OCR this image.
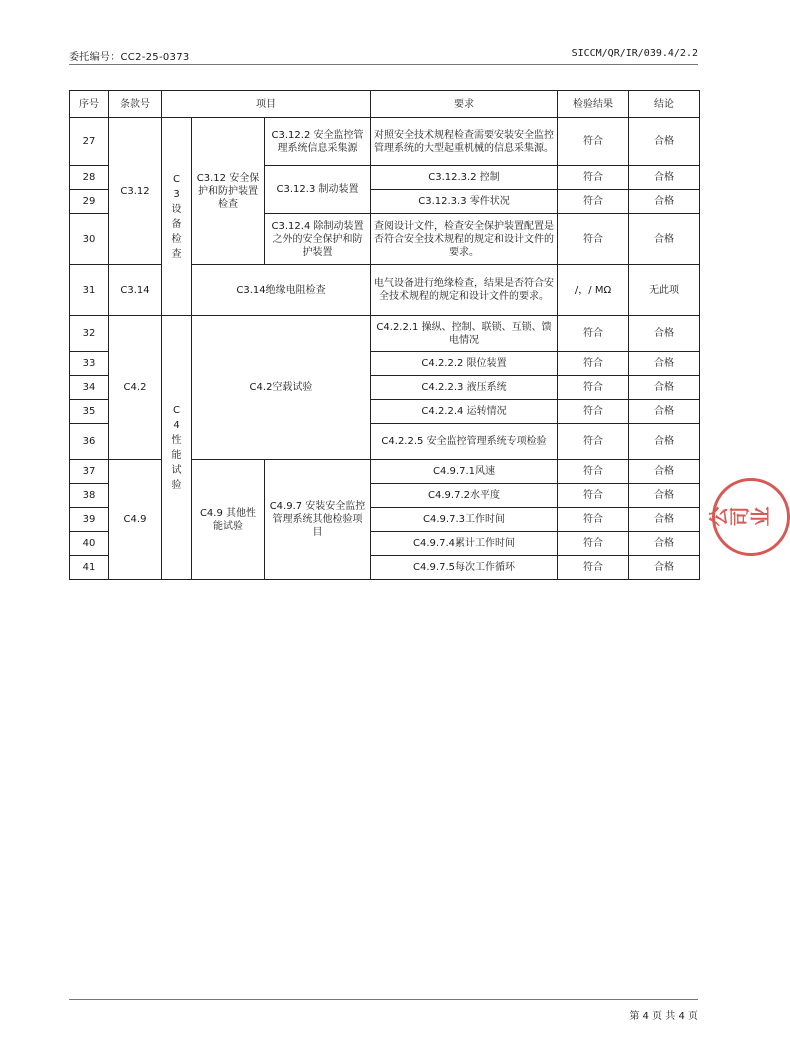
委托编号：CC2-25-0373	SICCM/QR/IR/039.4/2.2
序号	条款号	项目			要求	检验结果	结论
27	C3.12	C3设备检查	C3.12 安全保护和防护装置检查	C3.12.2 安全监控管理系统信息采集源	对照安全技术规程检查需要安装安全监控管理系统的大型起重机械的信息采集源。	符合	合格
28				C3.12.3 制动装置	C3.12.3.2 控制	符合	合格
29					C3.12.3.3 零件状况	符合	合格
30				C3.12.4 除制动装置之外的安全保护和防护装置	查阅设计文件，检查安全保护装置配置是否符合安全技术规程的规定和设计文件的要求。	符合	合格
31	C3.14		C3.14绝缘电阻检查		电气设备进行绝缘检查，结果是否符合安全技术规程的规定和设计文件的要求。	/，/ MΩ	无此项
32	C4.2	C4性能试验	C4.2空载试验		C4.2.2.1 操纵、控制、联锁、互锁、馈电情况	符合	合格
33					C4.2.2.2 限位装置	符合	合格
34					C4.2.2.3 液压系统	符合	合格
35					C4.2.2.4 运转情况	符合	合格
36					C4.2.2.5 安全监控管理系统专项检验	符合	合格
37	C4.9		C4.9 其他性能试验	C4.9.7 安装安全监控管理系统其他检验项目	C4.9.7.1风速	符合	合格
38					C4.9.7.2水平度	符合	合格
39					C4.9.7.3工作时间	符合	合格
40					C4.9.7.4累计工作时间	符合	合格
41					C4.9.7.5每次工作循环	符合	合格
公司业
第 4 页 共 4 页
